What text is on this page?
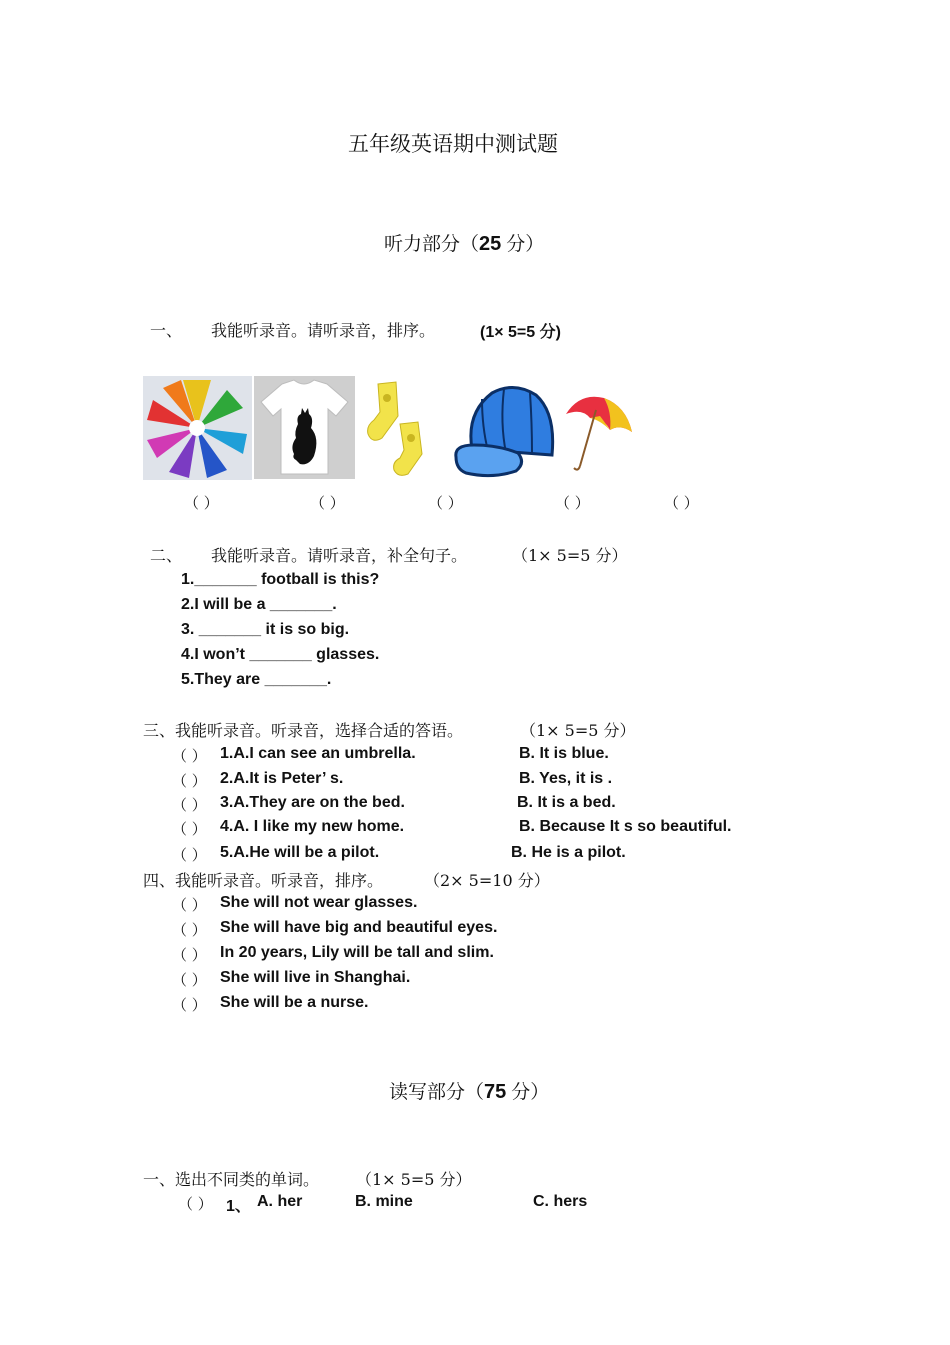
五年级英语期中测试题
听力部分（25 分）
一、 我能听录音。请听录音，排序。	(1× 5=5 分)
（ ）	（ ）	（ ）	（ ）	（ ）
二、 我能听录音。请听录音，补全句子。	（1× 5=5 分）
1._______ football is this?
2.I will be a _______.
3. _______ it is so big.
4.I won’t _______ glasses.
5.They are _______.
三、我能听录音。听录音，选择合适的答语。	（1× 5=5 分）
（ ） 1.A.I can see an umbrella.	B. It is blue.
（ ） 2.A.It is Peter’ s.	B. Yes, it is .
（ ） 3.A.They are on the bed.	B. It is a bed.
（ ） 4.A. I like my new home.	B. Because It s so beautiful.
（ ） 5.A.He will be a pilot.	B. He is a pilot.
四、我能听录音。听录音，排序。	（2× 5=10 分）
（ ） She will not wear glasses.
（ ） She will have big and beautiful eyes.
（ ） In 20 years, Lily will be tall and slim.
（ ） She will live in Shanghai.
（ ） She will be a nurse.
读写部分（75 分）
一、选出不同类的单词。 （1× 5=5 分）
（ ） 1、 A. her	B. mine	C. hers
